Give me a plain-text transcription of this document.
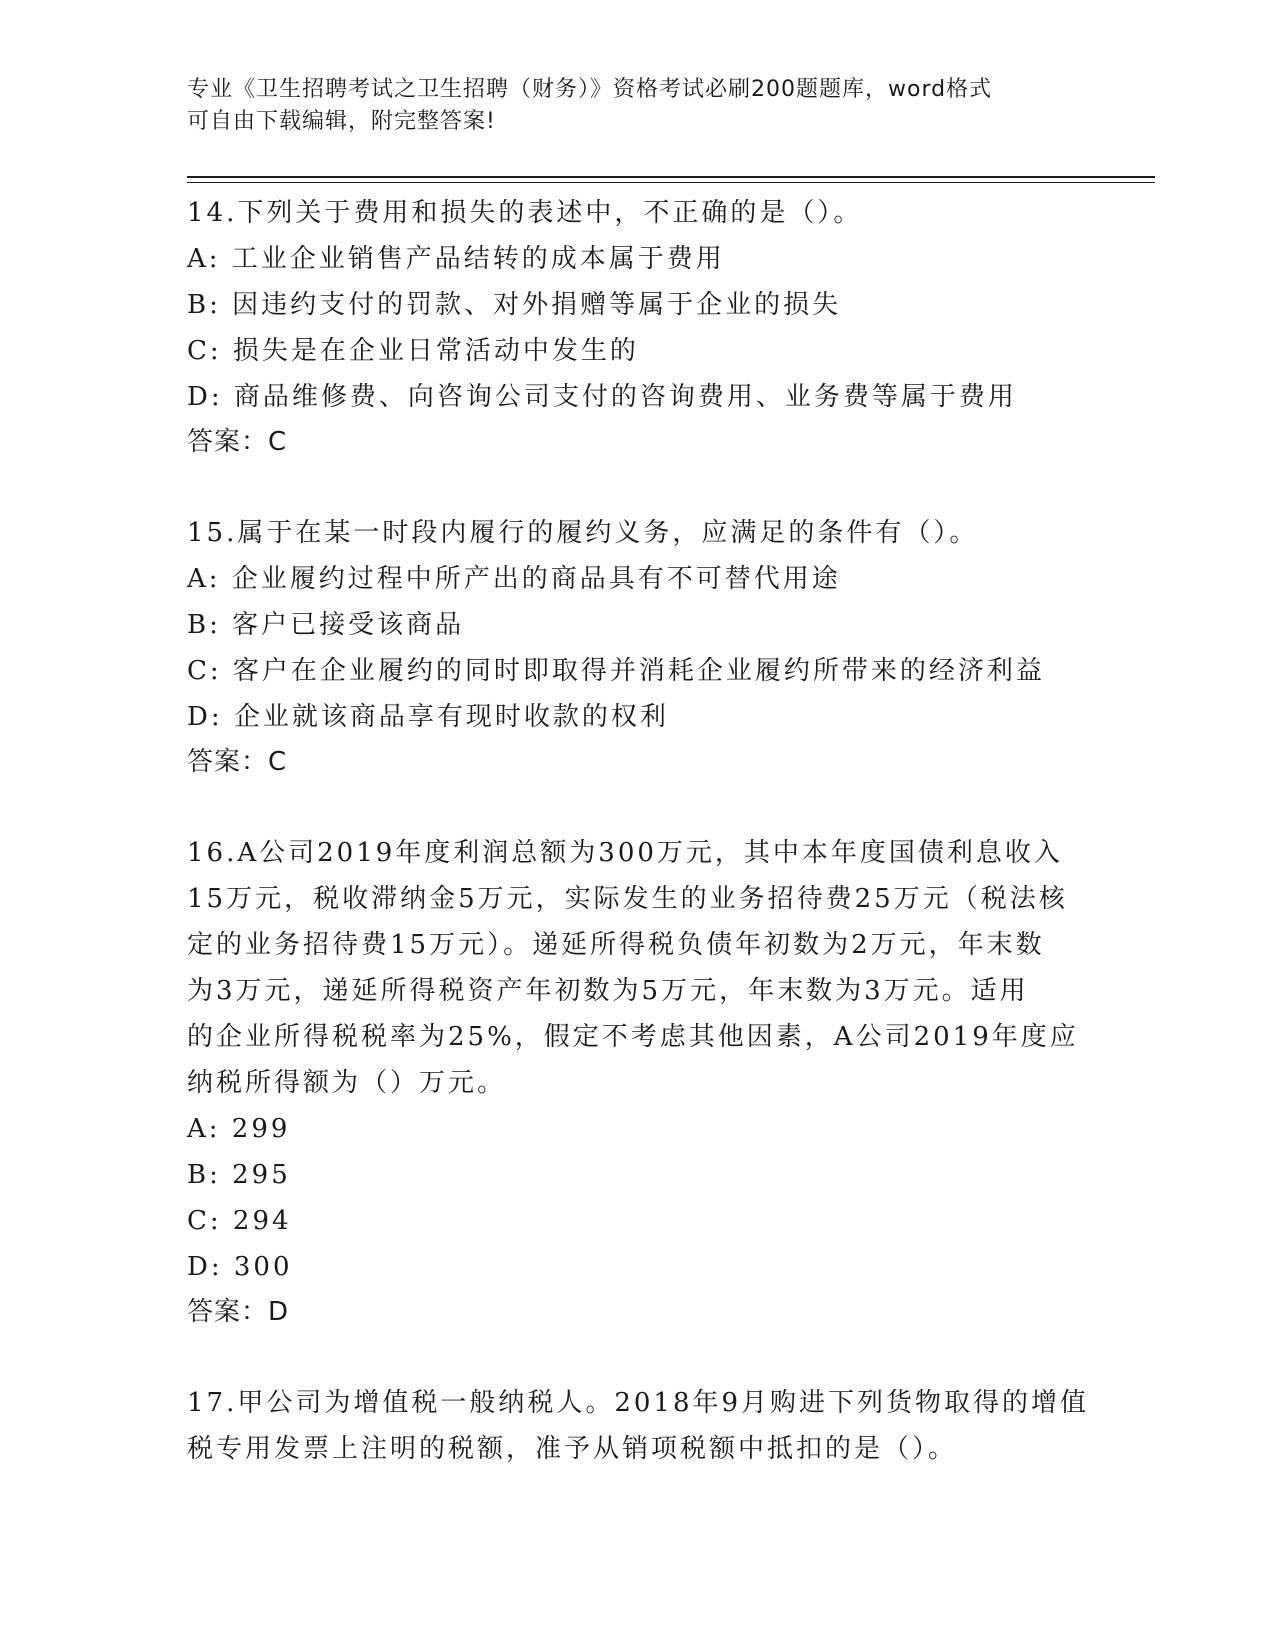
专业《卫生招聘考试之卫生招聘（财务）》资格考试必刷200题题库，word格式
可自由下载编辑，附完整答案!
14.下列关于费用和损失的表述中，不正确的是（）。
A: 工业企业销售产品结转的成本属于费用
B: 因违约支付的罚款、对外捐赠等属于企业的损失
C: 损失是在企业日常活动中发生的
D: 商品维修费、向咨询公司支付的咨询费用、业务费等属于费用
答案：C
15.属于在某一时段内履行的履约义务，应满足的条件有（）。
A: 企业履约过程中所产出的商品具有不可替代用途
B: 客户已接受该商品
C: 客户在企业履约的同时即取得并消耗企业履约所带来的经济利益
D: 企业就该商品享有现时收款的权利
答案：C
16.A公司2019年度利润总额为300万元，其中本年度国债利息收入
15万元，税收滞纳金5万元，实际发生的业务招待费25万元（税法核
定的业务招待费15万元）。递延所得税负债年初数为2万元，年末数
为3万元，递延所得税资产年初数为5万元，年末数为3万元。适用
的企业所得税税率为25%，假定不考虑其他因素，A公司2019年度应
纳税所得额为（）万元。
A: 299
B: 295
C: 294
D: 300
答案：D
17.甲公司为增值税一般纳税人。2018年9月购进下列货物取得的增值
税专用发票上注明的税额，准予从销项税额中抵扣的是（）。
